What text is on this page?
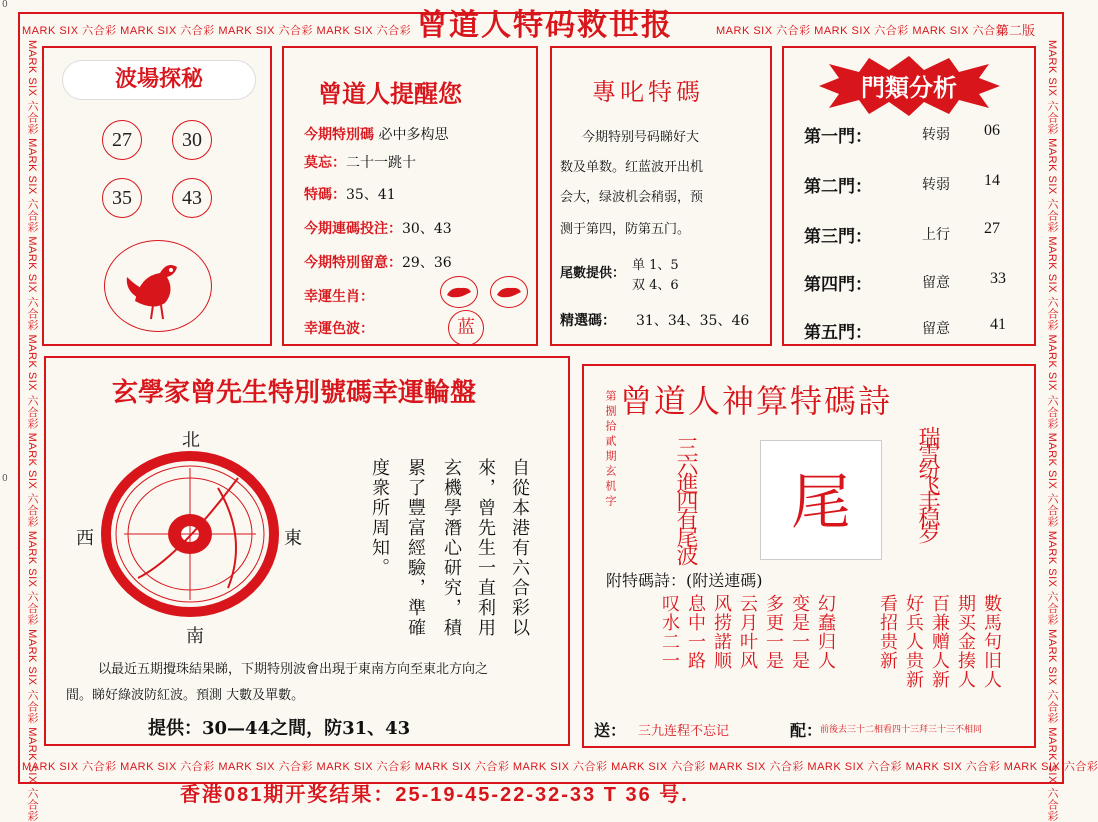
0
0
MARK SIX 六合彩 MARK SIX 六合彩 MARK SIX 六合彩 MARK SIX 六合彩	MARK SIX 六合彩 MARK SIX 六合彩 MARK SIX 六合彩
第二版
MARK SIX 六合彩 MARK SIX 六合彩 MARK SIX 六合彩 MARK SIX 六合彩 MARK SIX 六合彩 MARK SIX 六合彩 MARK SIX 六合彩 MARK SIX 六合彩 MARK SIX 六合彩 MARK SIX 六合彩 MARK SIX 六合彩
MARK SIX 六合彩 MARK SIX 六合彩 MARK SIX 六合彩 MARK SIX 六合彩 MARK SIX 六合彩 MARK SIX 六合彩 MARK SIX 六合彩 MARK SIX 六合彩	MARK SIX 六合彩 MARK SIX 六合彩 MARK SIX 六合彩 MARK SIX 六合彩 MARK SIX 六合彩 MARK SIX 六合彩 MARK SIX 六合彩 MARK SIX 六合彩
曾道人特码救世报
波場探秘
27	30
35	43
曾道人提醒您
今期特別碼 必中多构思
莫忘：二十一跳十
特碼：35、41
今期連碼投注：30、43
今期特別留意：29、36
幸運生肖：
幸運色波：	蓝
專叱特碼
今期特别号码睇好大
数及单数。红蓝波开出机
会大，绿波机会稍弱，预
测于第四，防第五门。
尾數提供：
单 1、5
双 4、6
精選碼： 31、34、35、46
門類分析
第一門：	转弱 06
第二門：	转弱 14
第三門：	上行 27
第四門：	留意	33
第五門：	留意	41
玄學家曾先生特別號碼幸運輪盤
北
南
西	東	自從本港有六合彩以
來，曾先生一直利用
玄機學潛心研究，積
累了豐富經驗，準確
度衆所周知。
以最近五期攪珠結果睇，下期特別波會出現于東南方向至東北方向之
間。睇好綠波防紅波。預測 大數及單數。
提供：30—44之間，防31、43
曾道人神算特碼詩
第捌拾貳期玄机字	三六進四有尾波	尾	瑞雪纷飞丰稳岁
附特碼詩：(附送連碼)
數馬句旧人
期买金揍人
百兼赠人新
好兵人贵新
看招贵新
幻蠢归人
变是一是
多更一是
云月叶风
风捞諾顺
息中一路
叹水二一
送： 三九连程不忘记	配：
前後去三十二相看四十三拜三十三不相同
香港081期开奖结果：25-19-45-22-32-33 T 36 号.
